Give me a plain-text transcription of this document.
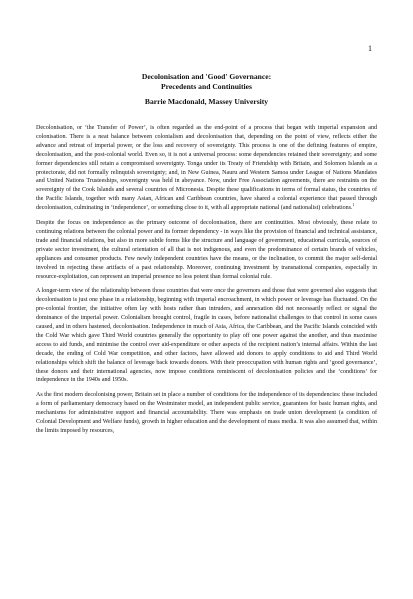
1
Decolonisation and 'Good' Governance:
Precedents and Continuities
Barrie Macdonald, Massey University

Decolonisation, or ‘the Transfer of Power’, is often regarded as the end-point of a process that began with imperial expansion and colonisation. There is a neat balance between colonialism and decolonisation that, depending on the point of view, reflects either the advance and retreat of imperial power, or the loss and recovery of sovereignty. This process is one of the defining features of empire, decolonisation, and the post-colonial world. Even so, it is not a universal process: some dependencies retained their sovereignty; and some former dependencies still retain a compromised sovereignty. Tonga under its Treaty of Friendship with Britain, and Solomon Islands as a protectorate, did not formally relinquish sovereignty; and, in New Guinea, Nauru and Western Samoa under League of Nations Mandates and United Nations Trusteeships, sovereignty was held in abeyance. Now, under Free Association agreements, there are restraints on the sovereignty of the Cook Islands and several countries of Micronesia. Despite these qualifications in terms of formal status, the countries of the Pacific Islands, together with many Asian, African and Caribbean countries, have shared a colonial experience that passed through decolonisation, culminating in ‘independence’, or something close to it, with all appropriate national (and nationalist) celebrations.$^1$

Despite the focus on independence as the primary outcome of decolonisation, there are continuities. Most obviously, these relate to continuing relations between the colonial power and its former dependency - in ways like the provision of financial and technical assistance, trade and financial relations, but also in more subtle forms like the structure and language of government, educational curricula, sources of private sector investment, the cultural orientation of all that is not indigenous, and even the predominance of certain brands of vehicles, appliances and consumer products. Few newly independent countries have the means, or the inclination, to commit the major self-denial involved in rejecting these artifacts of a past relationship. Moreover, continuing investment by transnational companies, especially in resource-exploitation, can represent an imperial presence no less potent than formal colonial rule.

A longer-term view of the relationship between those countries that were once the governors and those that were governed also suggests that decolonisation is just one phase in a relationship, beginning with imperial encroachment, in which power or leverage has fluctuated. On the pre-colonial frontier, the initiative often lay with hosts rather than intruders, and annexation did not necessarily reflect or signal the dominance of the imperial power. Colonialism brought control, fragile in cases, before nationalist challenges to that control in some cases caused, and in others hastened, decolonisation. Independence in much of Asia, Africa, the Caribbean, and the Pacific Islands coincided with the Cold War which gave Third World countries generally the opportunity to play off one power against the another, and thus maximise access to aid funds, and minimise the control over aid-expenditure or other aspects of the recipient nation’s internal affairs. Within the last decade, the ending of Cold War competition, and other factors, have allowed aid donors to apply conditions to aid and Third World relationships which shift the balance of leverage back towards donors. With their preoccupation with human rights and ‘good governance’, these donors and their international agencies, now impose conditions reminiscent of decolonisation policies and the ‘conditions’ for independence in the 1940s and 1950s.

As the first modern decolonising power, Britain set in place a number of conditions for the independence of its dependencies: these included a form of parliamentary democracy based on the Westminster model, an independent public service, guarantees for basic human rights, and mechanisms for administrative support and financial accountability. There was emphasis on trade union development (a condition of Colonial Development and Welfare funds), growth in higher education and the development of mass media. It was also assumed that, within the limits imposed by resources,
